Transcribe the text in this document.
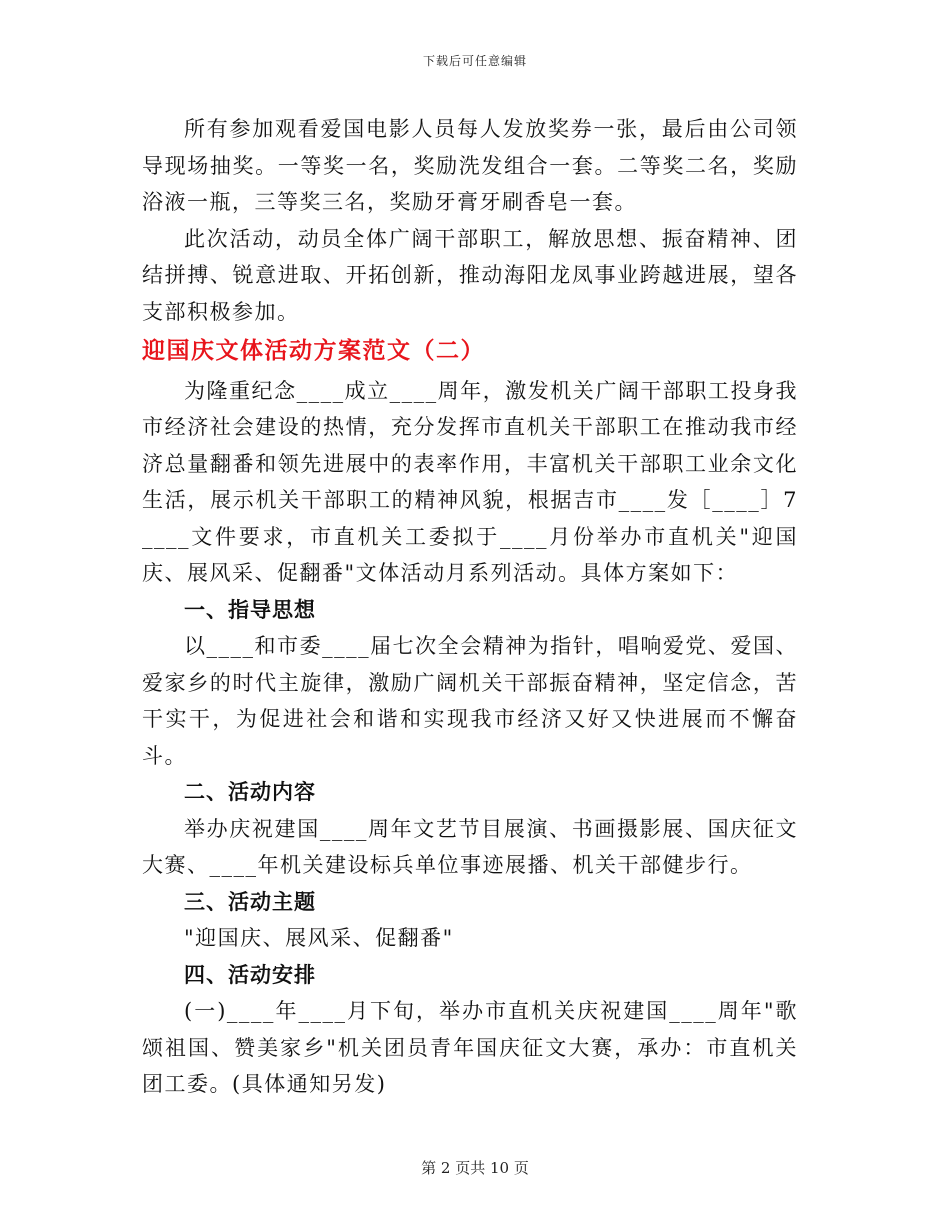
下载后可任意编辑

所有参加观看爱国电影人员每人发放奖券一张，最后由公司领导现场抽奖。一等奖一名，奖励洗发组合一套。二等奖二名，奖励浴液一瓶，三等奖三名，奖励牙膏牙刷香皂一套。

此次活动，动员全体广阔干部职工，解放思想、振奋精神、团结拼搏、锐意进取、开拓创新，推动海阳龙凤事业跨越进展，望各支部积极参加。

迎国庆文体活动方案范文（二）

为隆重纪念____成立____周年，激发机关广阔干部职工投身我市经济社会建设的热情，充分发挥市直机关干部职工在推动我市经济总量翻番和领先进展中的表率作用，丰富机关干部职工业余文化生活，展示机关干部职工的精神风貌，根据吉市____发［____］7____文件要求，市直机关工委拟于____月份举办市直机关"迎国庆、展风采、促翻番"文体活动月系列活动。具体方案如下：

一、指导思想

以____和市委____届七次全会精神为指针，唱响爱党、爱国、爱家乡的时代主旋律，激励广阔机关干部振奋精神，坚定信念，苦干实干，为促进社会和谐和实现我市经济又好又快进展而不懈奋斗。

二、活动内容

举办庆祝建国____周年文艺节目展演、书画摄影展、国庆征文大赛、____年机关建设标兵单位事迹展播、机关干部健步行。

三、活动主题

"迎国庆、展风采、促翻番"

四、活动安排

(一)____年____月下旬，举办市直机关庆祝建国____周年"歌颂祖国、赞美家乡"机关团员青年国庆征文大赛，承办：市直机关团工委。(具体通知另发)

第 2 页共 10 页
